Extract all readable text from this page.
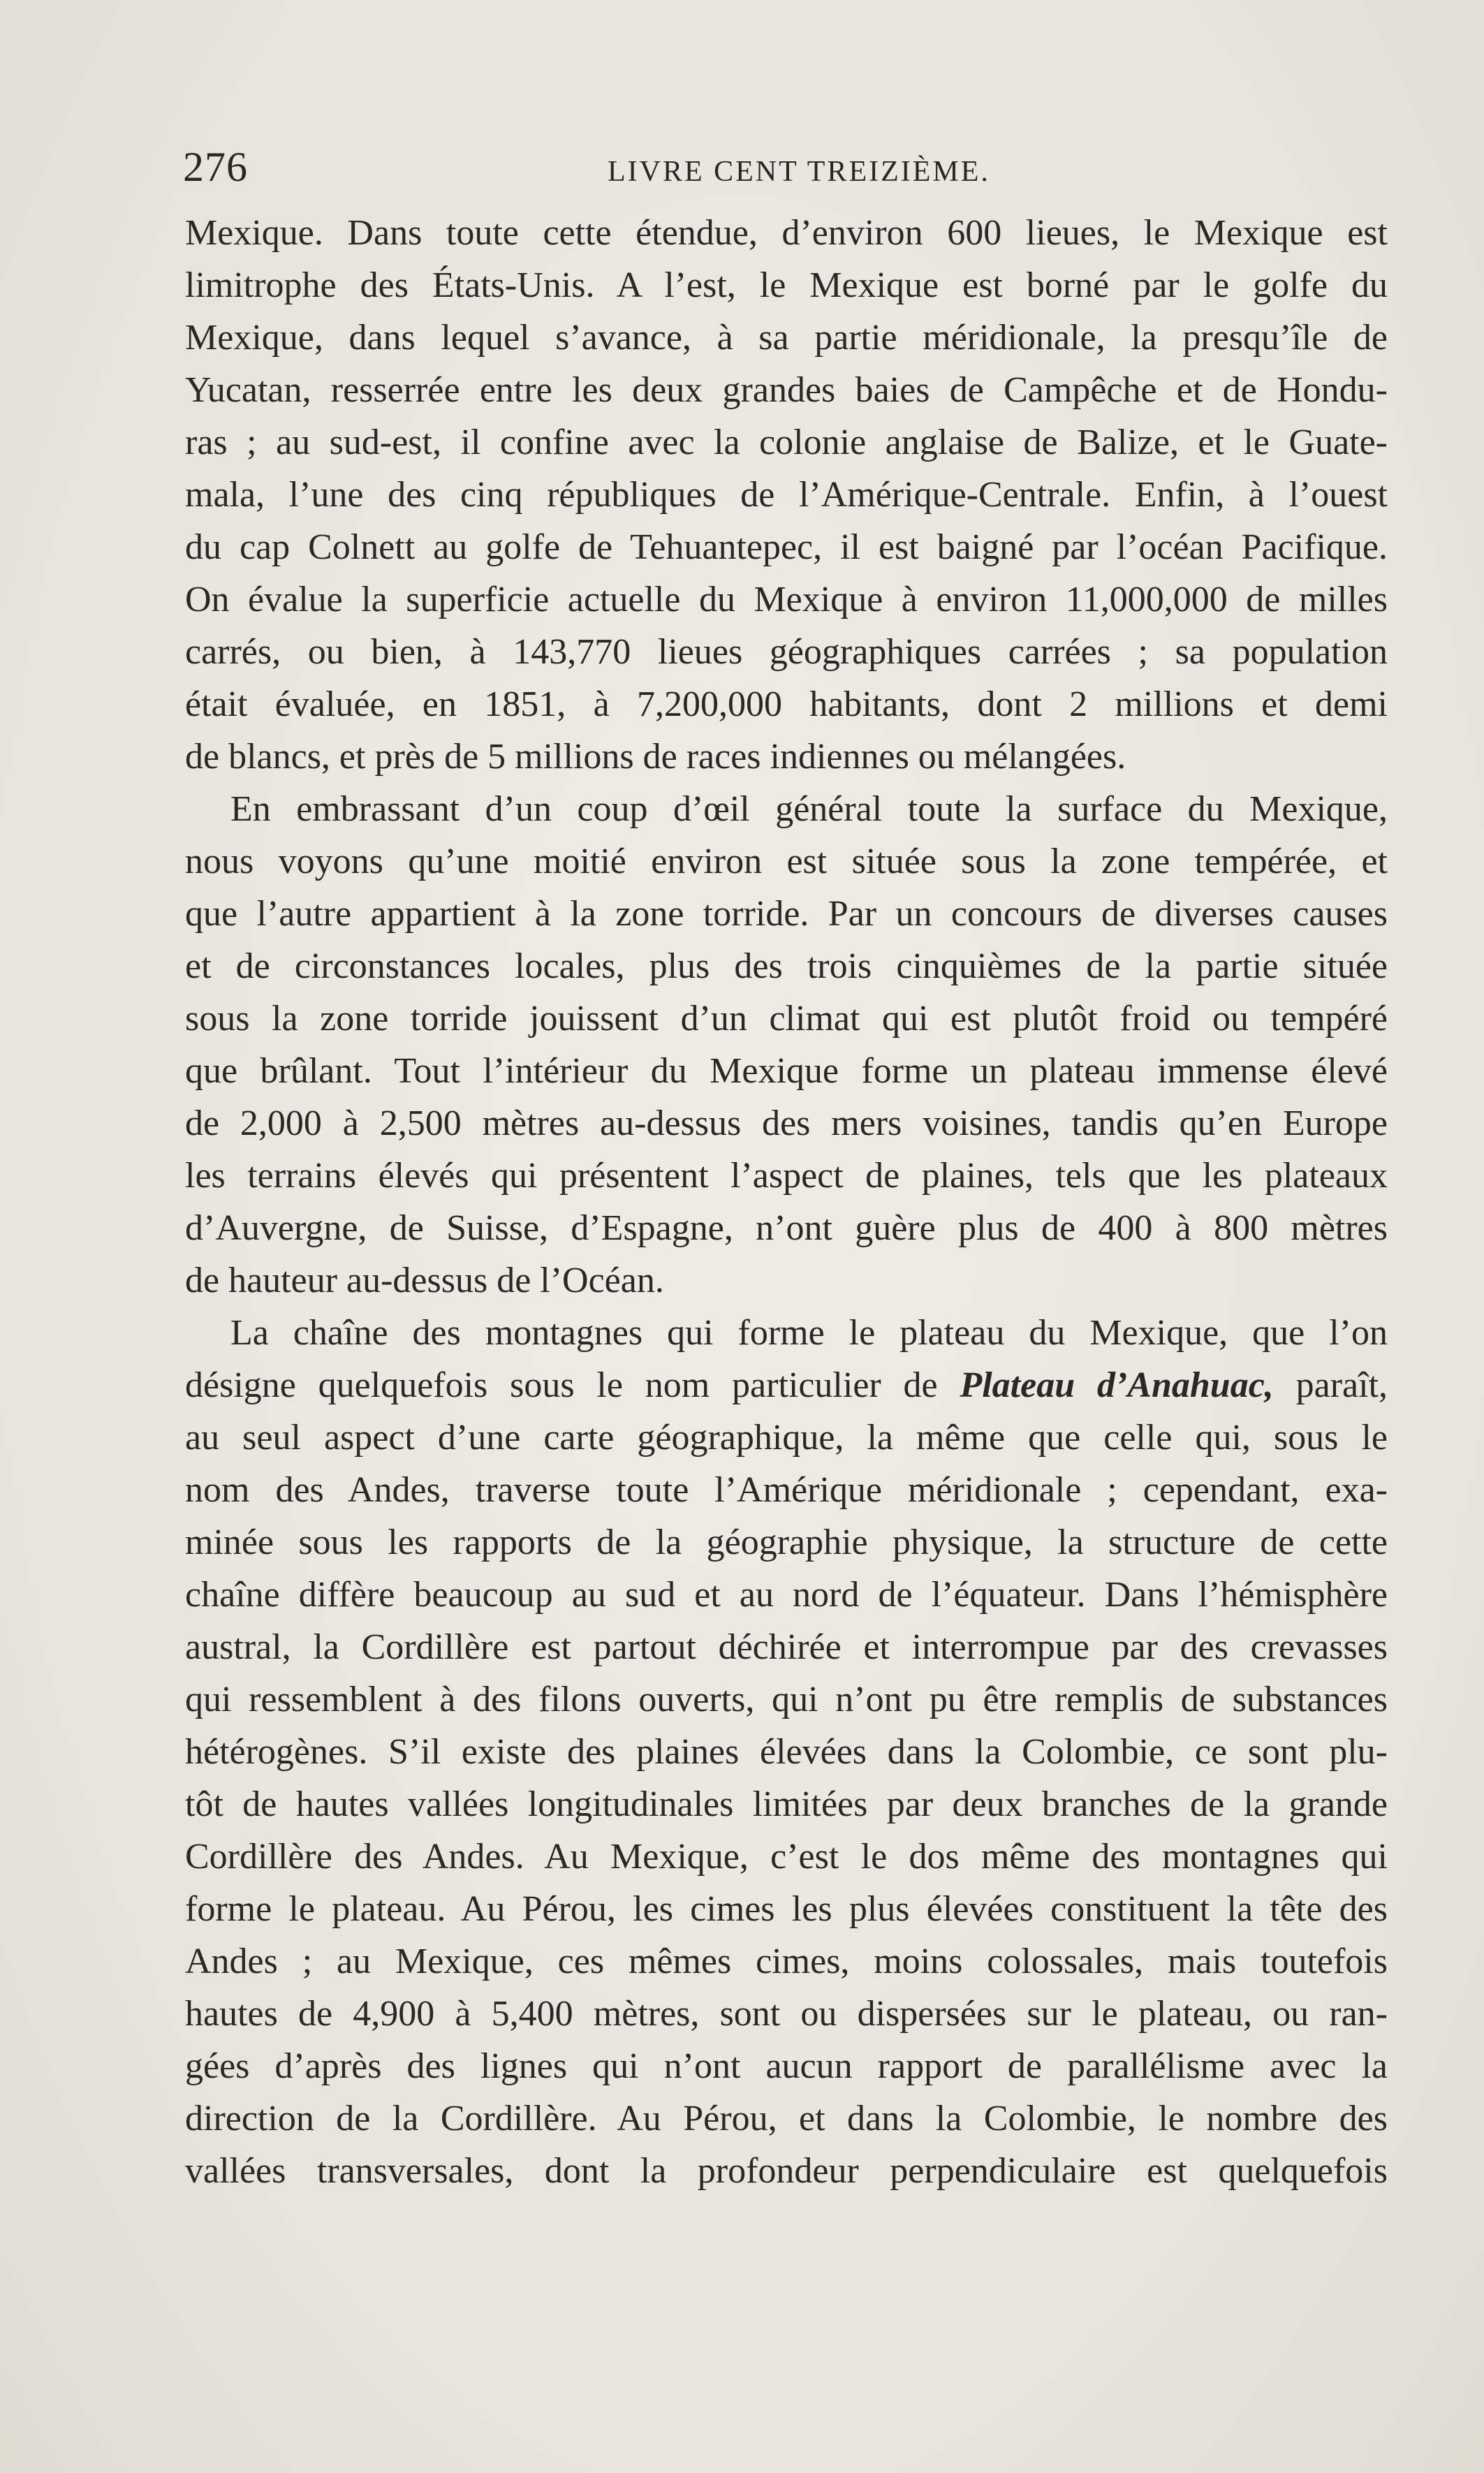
276	LIVRE CENT TREIZIÈME.

Mexique. Dans toute cette étendue, d’environ 600 lieues, le Mexique est

limitrophe des États-Unis. A l’est, le Mexique est borné par le golfe du

Mexique, dans lequel s’avance, à sa partie méridionale, la presqu’île de

Yucatan, resserrée entre les deux grandes baies de Campêche et de Hondu-

ras ; au sud-est, il confine avec la colonie anglaise de Balize, et le Guate-

mala, l’une des cinq républiques de l’Amérique-Centrale. Enfin, à l’ouest

du cap Colnett au golfe de Tehuantepec, il est baigné par l’océan Pacifique.

On évalue la superficie actuelle du Mexique à environ 11,000,000 de milles

carrés, ou bien, à 143,770 lieues géographiques carrées ; sa population

était évaluée, en 1851, à 7,200,000 habitants, dont 2 millions et demi

de blancs, et près de 5 millions de races indiennes ou mélangées.

En embrassant d’un coup d’œil général toute la surface du Mexique,

nous voyons qu’une moitié environ est située sous la zone tempérée, et

que l’autre appartient à la zone torride. Par un concours de diverses causes

et de circonstances locales, plus des trois cinquièmes de la partie située

sous la zone torride jouissent d’un climat qui est plutôt froid ou tempéré

que brûlant. Tout l’intérieur du Mexique forme un plateau immense élevé

de 2,000 à 2,500 mètres au-dessus des mers voisines, tandis qu’en Europe

les terrains élevés qui présentent l’aspect de plaines, tels que les plateaux

d’Auvergne, de Suisse, d’Espagne, n’ont guère plus de 400 à 800 mètres

de hauteur au-dessus de l’Océan.

La chaîne des montagnes qui forme le plateau du Mexique, que l’on

désigne quelquefois sous le nom particulier de Plateau d’Anahuac, paraît,

au seul aspect d’une carte géographique, la même que celle qui, sous le

nom des Andes, traverse toute l’Amérique méridionale ; cependant, exa-

minée sous les rapports de la géographie physique, la structure de cette

chaîne diffère beaucoup au sud et au nord de l’équateur. Dans l’hémisphère

austral, la Cordillère est partout déchirée et interrompue par des crevasses

qui ressemblent à des filons ouverts, qui n’ont pu être remplis de substances

hétérogènes. S’il existe des plaines élevées dans la Colombie, ce sont plu-

tôt de hautes vallées longitudinales limitées par deux branches de la grande

Cordillère des Andes. Au Mexique, c’est le dos même des montagnes qui

forme le plateau. Au Pérou, les cimes les plus élevées constituent la tête des

Andes ; au Mexique, ces mêmes cimes, moins colossales, mais toutefois

hautes de 4,900 à 5,400 mètres, sont ou dispersées sur le plateau, ou ran-

gées d’après des lignes qui n’ont aucun rapport de parallélisme avec la

direction de la Cordillère. Au Pérou, et dans la Colombie, le nombre des

vallées transversales, dont la profondeur perpendiculaire est quelquefois
